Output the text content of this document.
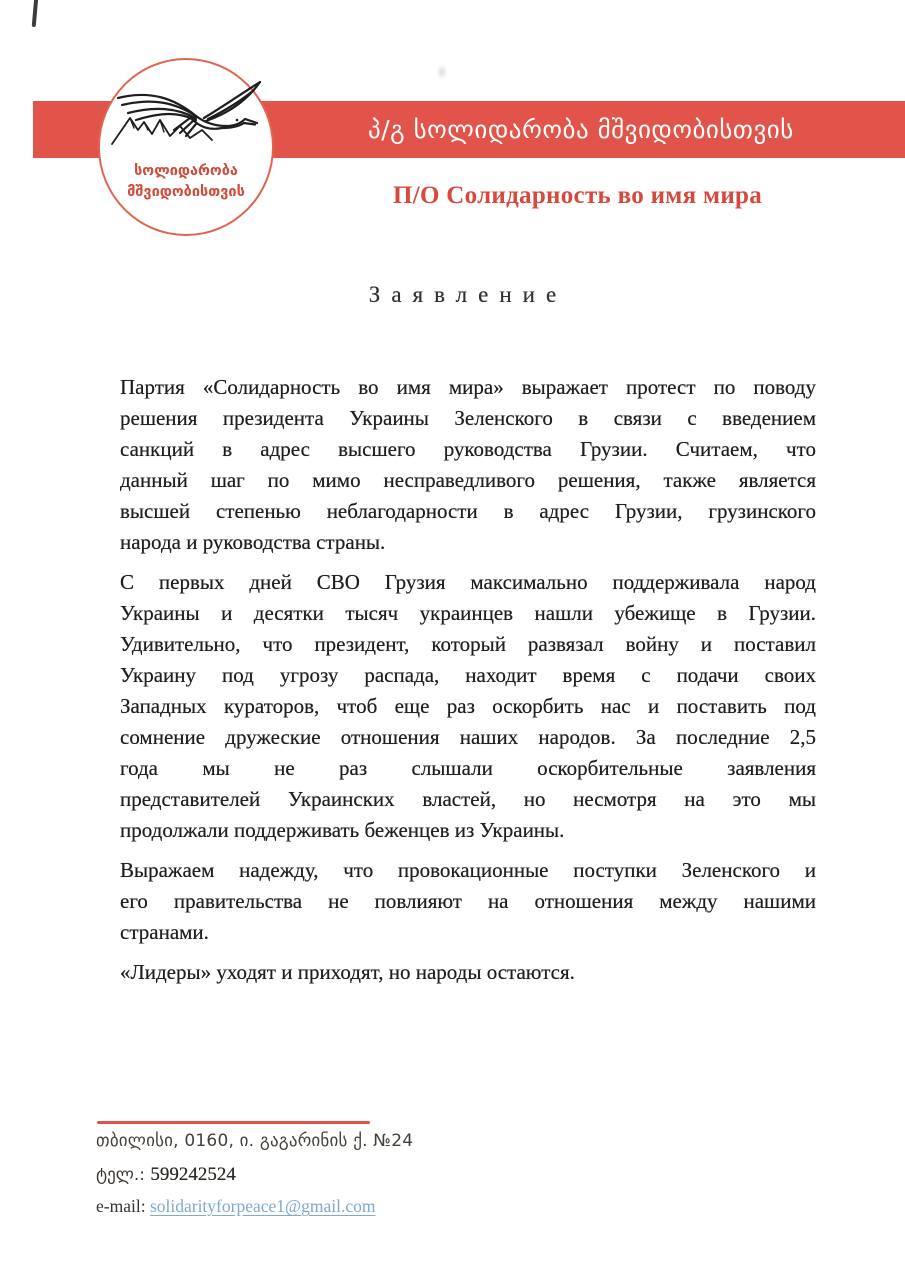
პ/გ სოლიდარობა მშვიდობისთვის
სოლიდარობა
მშვიდობისთვის	П/О Солидарность во имя мира
Заявление

Партия «Солидарность во имя мира» выражает протест по поводу
решения президента Украины Зеленского в связи с введением
санкций в адрес высшего руководства Грузии. Считаем, что
данный шаг по мимо несправедливого решения, также является
высшей степенью неблагодарности в адрес Грузии, грузинского
народа и руководства страны.

С первых дней СВО Грузия максимально поддерживала народ
Украины и десятки тысяч украинцев нашли убежище в Грузии.
Удивительно, что президент, который развязал войну и поставил
Украину под угрозу распада, находит время с подачи своих
Западных кураторов, чтоб еще раз оскорбить нас и поставить под
сомнение дружеские отношения наших народов. За последние 2,5
года мы не раз слышали оскорбительные заявления
представителей Украинских властей, но несмотря на это мы
продолжали поддерживать беженцев из Украины.

Выражаем надежду, что провокационные поступки Зеленского и
его правительства не повлияют на отношения между нашими
странами.

«Лидеры» уходят и приходят, но народы остаются.

თბილისი, 0160, ი. გაგარინის ქ. №24
ტელ.: 599242524
e-mail: solidarityforpeace1@gmail.com
